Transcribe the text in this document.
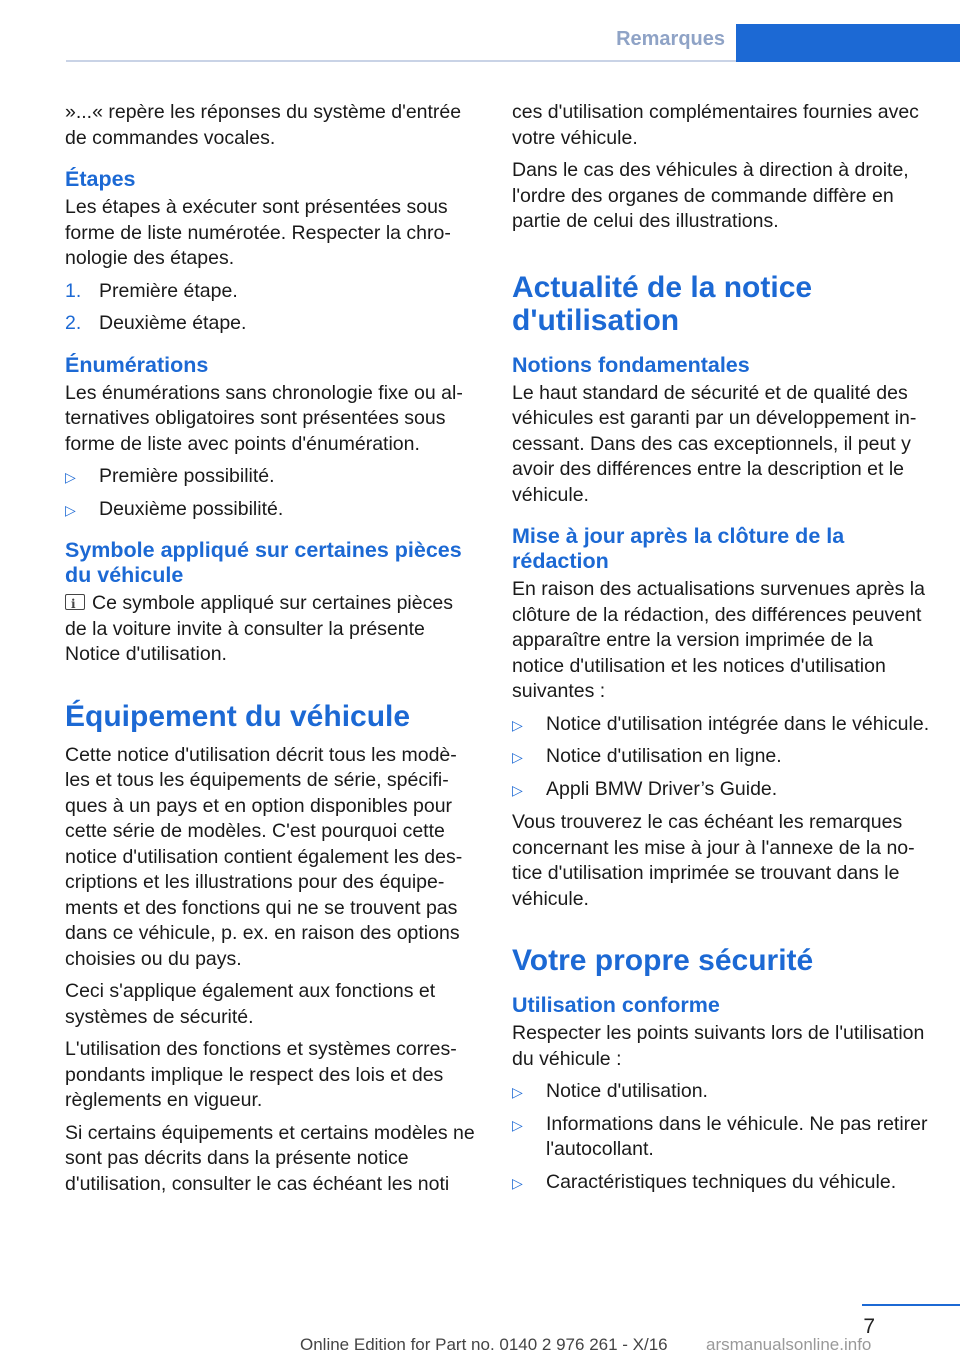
Remarques

»...« repère les réponses du système d'entrée de commandes vocales.

Étapes

Les étapes à exécuter sont présentées sous forme de liste numérotée. Respecter la chronologie des étapes.

1. Première étape.
2. Deuxième étape.
Énumérations

Les énumérations sans chronologie fixe ou alternatives obligatoires sont présentées sous forme de liste avec points d'énumération.

▷ Première possibilité.
▷ Deuxième possibilité.
Symbole appliqué sur certaines pièces du véhicule

iCe symbole appliqué sur certaines pièces de la voiture invite à consulter la présente Notice d'utilisation.

Équipement du véhicule

Cette notice d'utilisation décrit tous les modèles et tous les équipements de série, spécifiques à un pays et en option disponibles pour cette série de modèles. C'est pourquoi cette notice d'utilisation contient également les descriptions et les illustrations pour des équipements et des fonctions qui ne se trouvent pas dans ce véhicule, p. ex. en raison des options choisies ou du pays.

Ceci s'applique également aux fonctions et systèmes de sécurité.

L'utilisation des fonctions et systèmes correspondants implique le respect des lois et des règlements en vigueur.

Si certains équipements et certains modèles ne sont pas décrits dans la présente notice d'utilisation, consulter le cas échéant les noti

ces d'utilisation complémentaires fournies avec votre véhicule.

Dans le cas des véhicules à direction à droite, l'ordre des organes de commande diffère en partie de celui des illustrations.

Actualité de la notice d'utilisation
Notions fondamentales

Le haut standard de sécurité et de qualité des véhicules est garanti par un développement incessant. Dans des cas exceptionnels, il peut y avoir des différences entre la description et le véhicule.

Mise à jour après la clôture de la rédaction

En raison des actualisations survenues après la clôture de la rédaction, des différences peuvent apparaître entre la version imprimée de la notice d'utilisation et les notices d'utilisation suivantes :

▷ Notice d'utilisation intégrée dans le véhicule.
▷ Notice d'utilisation en ligne.
▷ Appli BMW Driver’s Guide.

Vous trouverez le cas échéant les remarques concernant les mise à jour à l'annexe de la notice d'utilisation imprimée se trouvant dans le véhicule.

Votre propre sécurité
Utilisation conforme

Respecter les points suivants lors de l'utilisation du véhicule :

▷ Notice d'utilisation.
▷ Informations dans le véhicule. Ne pas retirer l'autocollant.
▷ Caractéristiques techniques du véhicule.
7
Online Edition for Part no. 0140 2 976 261 - X/16 arsmanualsonline.info
